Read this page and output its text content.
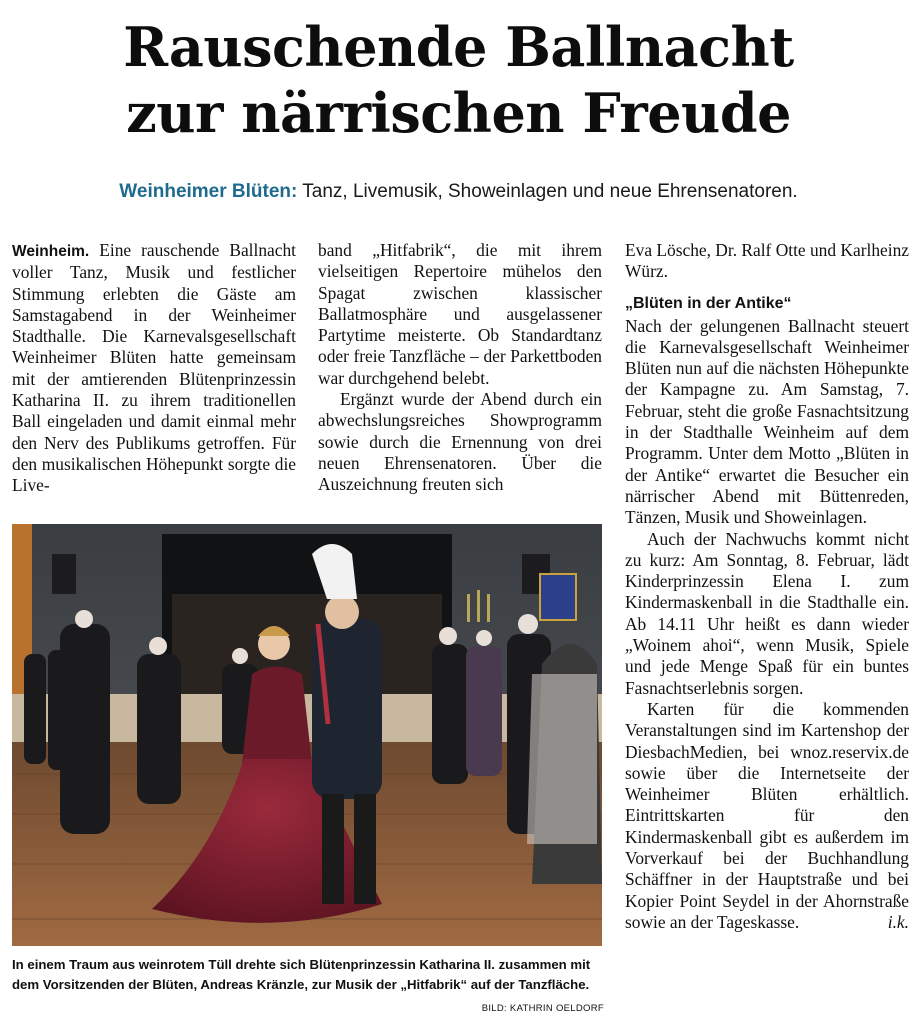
Rauschende Ballnacht
zur närrischen Freude
Weinheimer Blüten: Tanz, Livemusik, Showeinlagen und neue Ehrensenatoren.

Weinheim. Eine rauschende Ballnacht voller Tanz, Musik und festlicher Stimmung erlebten die Gäste am Samstagabend in der Weinheimer Stadthalle. Die Karnevalsgesellschaft Weinheimer Blüten hatte gemeinsam mit der amtierenden Blütenprinzessin Katharina II. zu ihrem traditionellen Ball eingeladen und damit einmal mehr den Nerv des Publikums getroffen. Für den musikalischen Höhepunkt sorgte die Live-

band „Hitfabrik“, die mit ihrem vielseitigen Repertoire mühelos den Spagat zwischen klassischer Ballatmosphäre und ausgelassener Partytime meisterte. Ob Standardtanz oder freie Tanzfläche – der Parkettboden war durchgehend belebt.

Ergänzt wurde der Abend durch ein abwechslungsreiches Showprogramm sowie durch die Ernennung von drei neuen Ehrensenatoren. Über die Auszeichnung freuten sich

Eva Lösche, Dr. Ralf Otte und Karlheinz Würz.

„Blüten in der Antike“

Nach der gelungenen Ballnacht steuert die Karnevalsgesellschaft Weinheimer Blüten nun auf die nächsten Höhepunkte der Kampagne zu. Am Samstag, 7. Februar, steht die große Fasnachtsitzung in der Stadthalle Weinheim auf dem Programm. Unter dem Motto „Blüten in der Antike“ erwartet die Besucher ein närrischer Abend mit Büttenreden, Tänzen, Musik und Showeinlagen.

Auch der Nachwuchs kommt nicht zu kurz: Am Sonntag, 8. Februar, lädt Kinderprinzessin Elena I. zum Kindermaskenball in die Stadthalle ein. Ab 14.11 Uhr heißt es dann wieder „Woinem ahoi“, wenn Musik, Spiele und jede Menge Spaß für ein buntes Fasnachtserlebnis sorgen.

Karten für die kommenden Veranstaltungen sind im Kartenshop der DiesbachMedien, bei wnoz.reservix.de sowie über die Internetseite der Weinheimer Blüten erhältlich. Eintrittskarten für den Kindermaskenball gibt es außerdem im Vorverkauf bei der Buchhandlung Schäffner in der Hauptstraße und bei Kopier Point Seydel in der Ahornstraße sowie an der Tageskasse.	i.k.

In einem Traum aus weinrotem Tüll drehte sich Blütenprinzessin Katharina II. zusammen mit dem Vorsitzenden der Blüten, Andreas Kränzle, zur Musik der „Hitfabrik“ auf der Tanzfläche.
BILD: KATHRIN OELDORF
